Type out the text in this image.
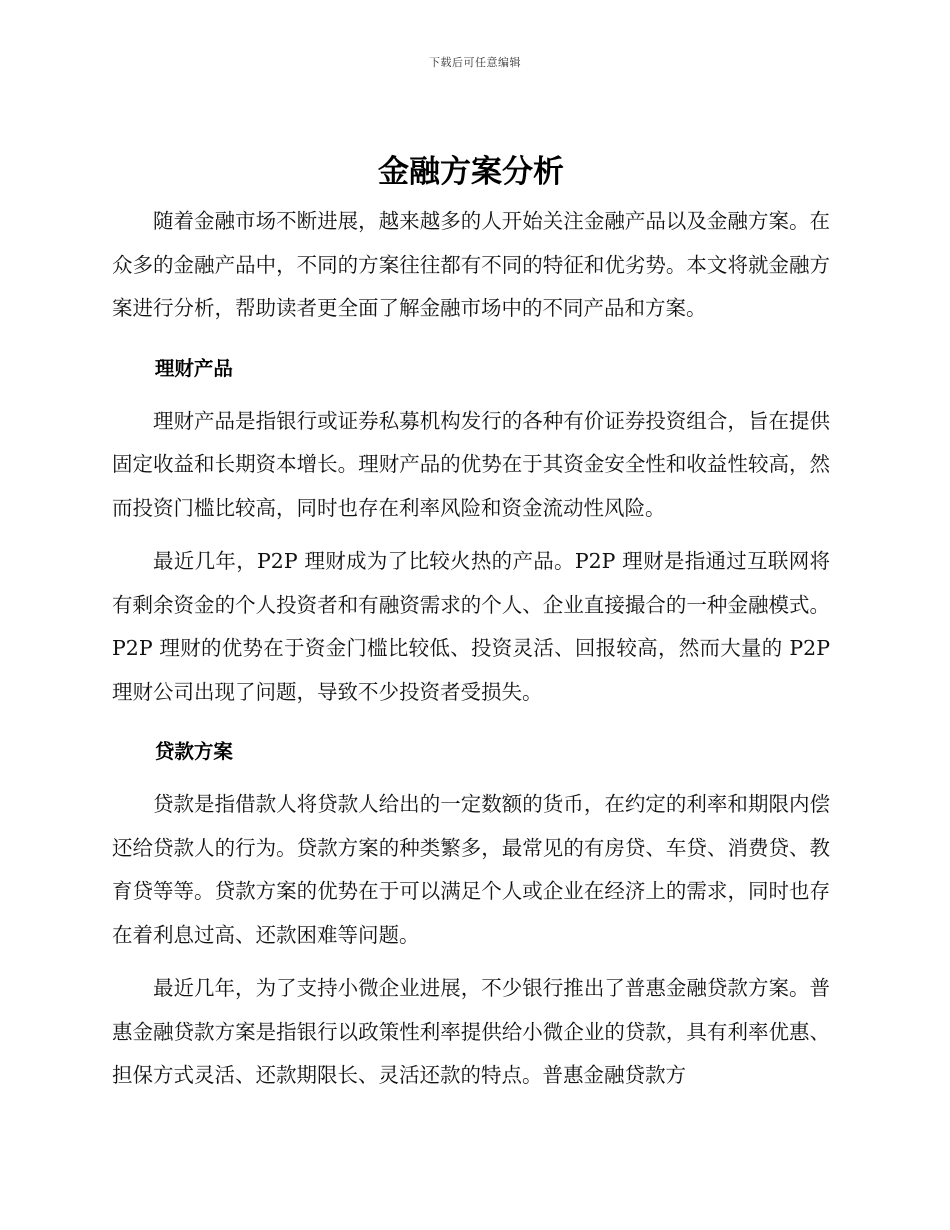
下载后可任意编辑
金融方案分析

随着金融市场不断进展，越来越多的人开始关注金融产品以及金融方案。在众多的金融产品中，不同的方案往往都有不同的特征和优劣势。本文将就金融方案进行分析，帮助读者更全面了解金融市场中的不同产品和方案。

理财产品

理财产品是指银行或证券私募机构发行的各种有价证券投资组合，旨在提供固定收益和长期资本增长。理财产品的优势在于其资金安全性和收益性较高，然而投资门槛比较高，同时也存在利率风险和资金流动性风险。

最近几年，P2P 理财成为了比较火热的产品。P2P 理财是指通过互联网将有剩余资金的个人投资者和有融资需求的个人、企业直接撮合的一种金融模式。P2P 理财的优势在于资金门槛比较低、投资灵活、回报较高，然而大量的 P2P 理财公司出现了问题，导致不少投资者受损失。

贷款方案

贷款是指借款人将贷款人给出的一定数额的货币，在约定的利率和期限内偿还给贷款人的行为。贷款方案的种类繁多，最常见的有房贷、车贷、消费贷、教育贷等等。贷款方案的优势在于可以满足个人或企业在经济上的需求，同时也存在着利息过高、还款困难等问题。

最近几年，为了支持小微企业进展，不少银行推出了普惠金融贷款方案。普惠金融贷款方案是指银行以政策性利率提供给小微企业的贷款，具有利率优惠、担保方式灵活、还款期限长、灵活还款的特点。普惠金融贷款方
